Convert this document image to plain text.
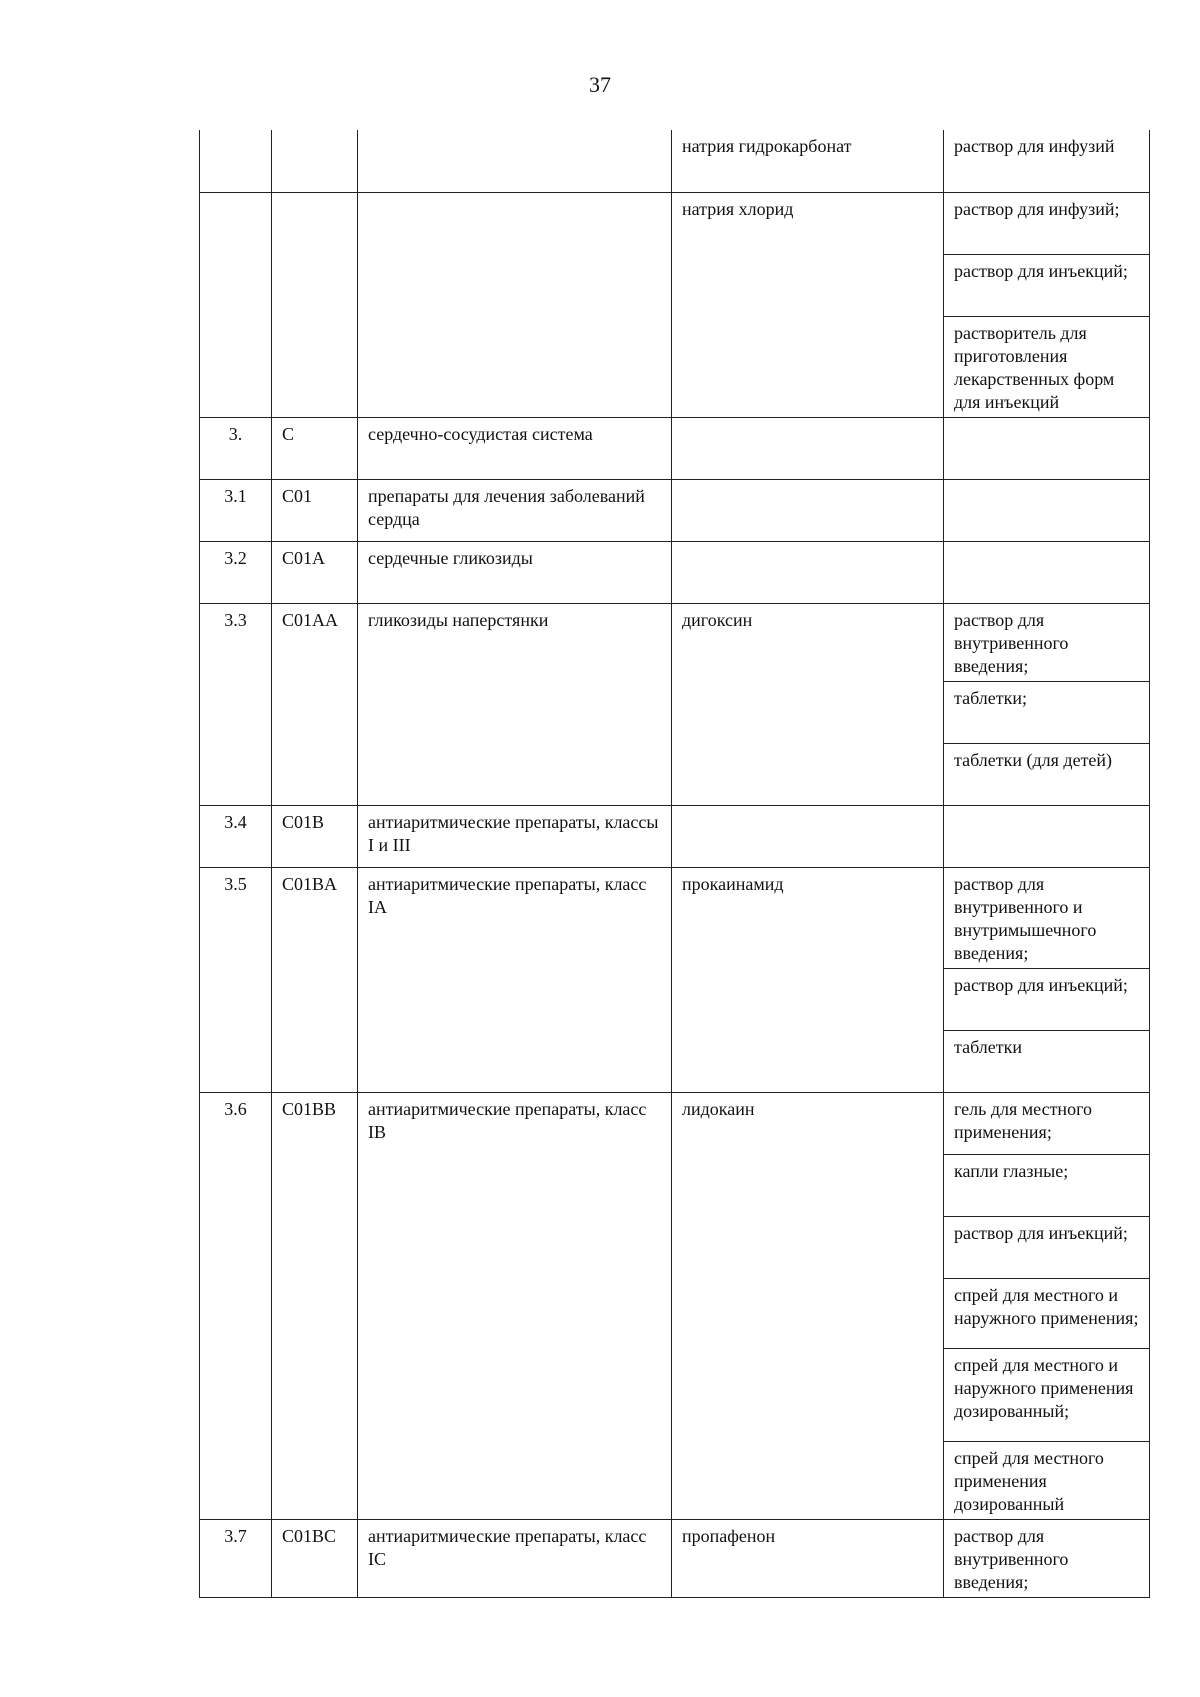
37
			натрия гидрокарбонат	раствор для инфузий
			натрия хлорид	раствор для инфузий;
				раствор для инъекций;
				растворитель для приготовления лекарственных форм для инъекций
3.	C	сердечно-сосудистая система		
3.1	C01	препараты для лечения заболеваний сердца		
3.2	C01A	сердечные гликозиды		
3.3	C01AA	гликозиды наперстянки	дигоксин	раствор для внутривенного введения;
				таблетки;
				таблетки (для детей)
3.4	C01B	антиаритмические препараты, классы I и III		
3.5	C01BA	антиаритмические препараты, класс IA	прокаинамид	раствор для внутривенного и внутримышечного введения;
				раствор для инъекций;
				таблетки
3.6	C01BB	антиаритмические препараты, класс IB	лидокаин	гель для местного применения;
				капли глазные;
				раствор для инъекций;
				спрей для местного и наружного применения;
				спрей для местного и наружного применения дозированный;
				спрей для местного применения дозированный
3.7	C01BC	антиаритмические препараты, класс IC	пропафенон	раствор для внутривенного введения;
